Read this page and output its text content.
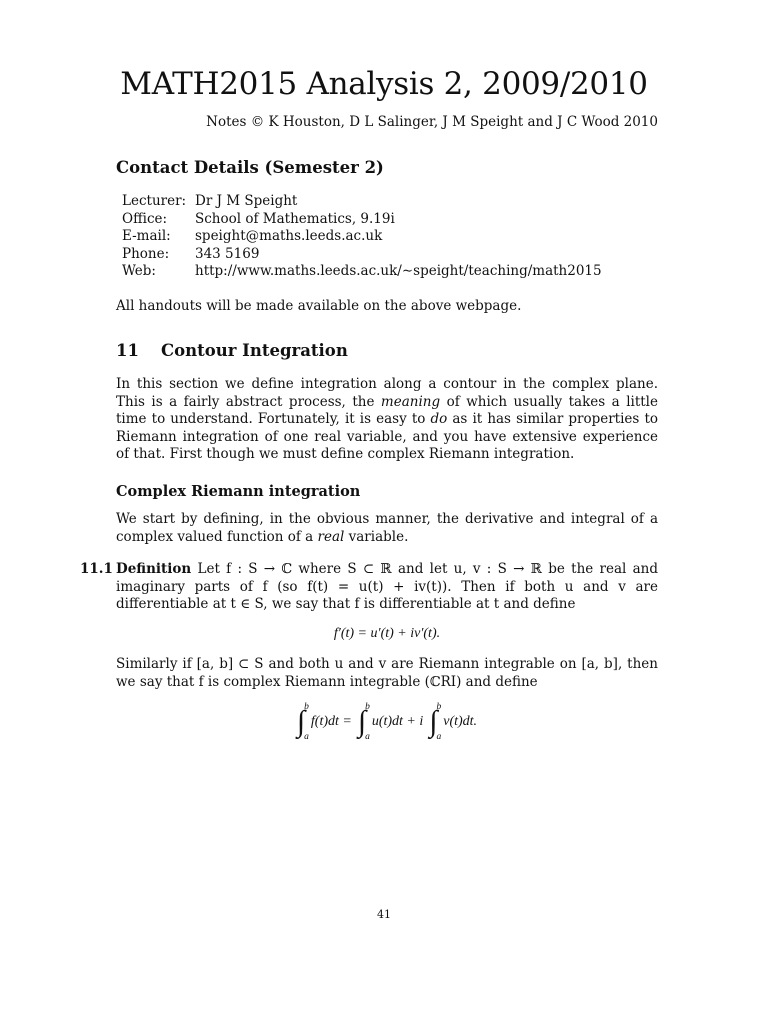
MATH2015 Analysis 2, 2009/2010
Notes © K Houston, D L Salinger, J M Speight and J C Wood 2010
Contact Details (Semester 2)
Lecturer:	Dr J M Speight
Office:	School of Mathematics, 9.19i
E-mail:	speight@maths.leeds.ac.uk
Phone:	343 5169
Web:	http://www.maths.leeds.ac.uk/∼speight/teaching/math2015

All handouts will be made available on the above webpage.

11 Contour Integration

In this section we define integration along a contour in the complex plane. This is a fairly abstract process, the meaning of which usually takes a little time to understand. Fortunately, it is easy to do as it has similar properties to Riemann integration of one real variable, and you have extensive experience of that. First though we must define complex Riemann integration.

Complex Riemann integration

We start by defining, in the obvious manner, the derivative and integral of a complex valued function of a real variable.

11.1 Definition Let f : S → ℂ where S ⊂ ℝ and let u, v : S → ℝ be the real and imaginary parts of f (so f(t) = u(t) + iv(t)). Then if both u and v are differentiable at t ∈ S, we say that f is differentiable at t and define

f′(t) = u′(t) + iv′(t).

Similarly if [a, b] ⊂ S and both u and v are Riemann integrable on [a, b], then we say that f is complex Riemann integrable (ℂRI) and define

∫ b
a
f(t)dt = ∫ b
a
u(t)dt + i ∫ b
a
v(t)dt.
41
